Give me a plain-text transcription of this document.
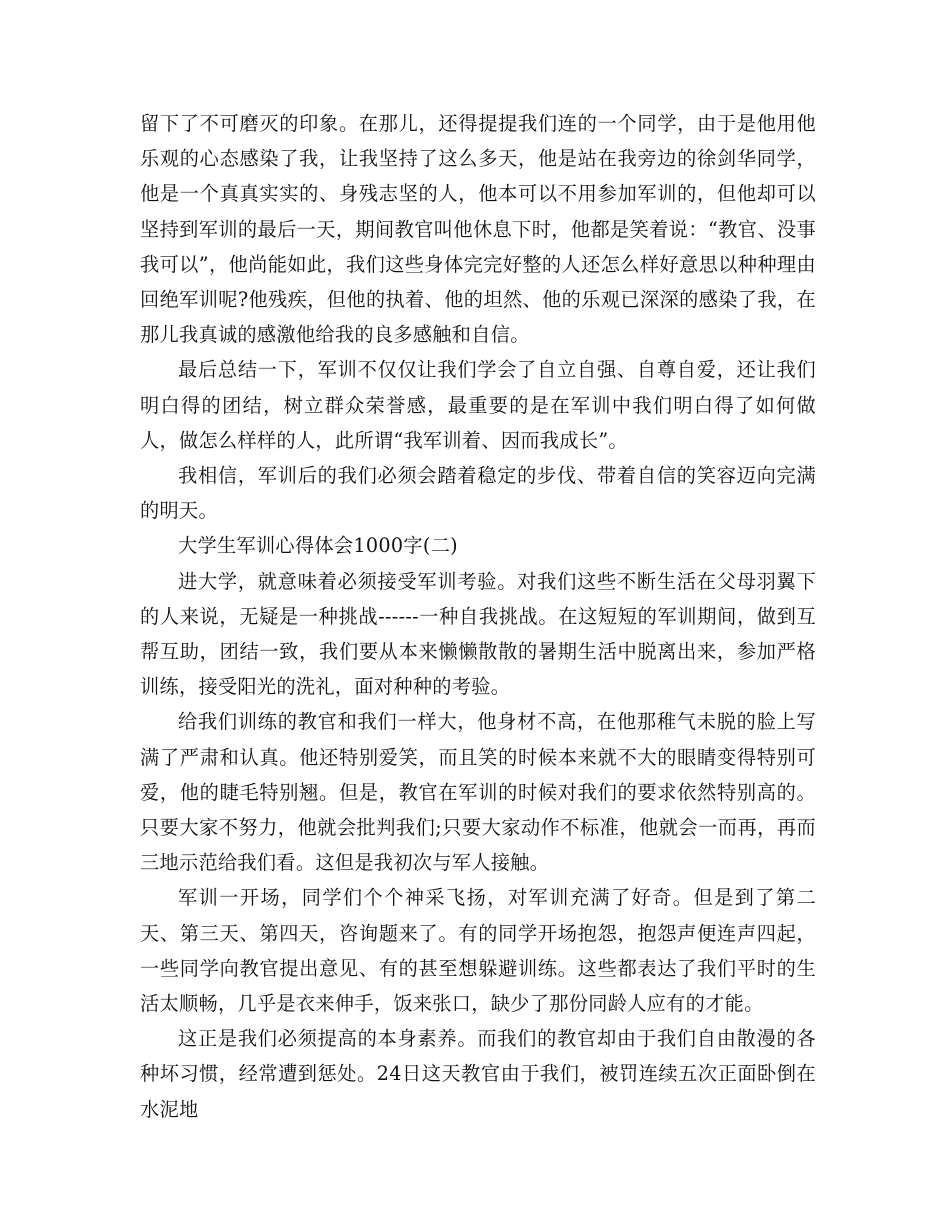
留下了不可磨灭的印象。在那儿，还得提提我们连的一个同学，由于是他用他乐观的心态感染了我，让我坚持了这么多天，他是站在我旁边的徐剑华同学，他是一个真真实实的、身残志坚的人，他本可以不用参加军训的，但他却可以坚持到军训的最后一天，期间教官叫他休息下时，他都是笑着说：“教官、没事我可以”，他尚能如此，我们这些身体完完好整的人还怎么样好意思以种种理由回绝军训呢?他残疾，但他的执着、他的坦然、他的乐观已深深的感染了我，在那儿我真诚的感激他给我的良多感触和自信。

最后总结一下，军训不仅仅让我们学会了自立自强、自尊自爱，还让我们明白得的团结，树立群众荣誉感，最重要的是在军训中我们明白得了如何做人，做怎么样样的人，此所谓“我军训着、因而我成长”。

我相信，军训后的我们必须会踏着稳定的步伐、带着自信的笑容迈向完满的明天。

大学生军训心得体会1000字(二)

进大学，就意味着必须接受军训考验。对我们这些不断生活在父母羽翼下的人来说，无疑是一种挑战------一种自我挑战。在这短短的军训期间，做到互帮互助，团结一致，我们要从本来懒懒散散的暑期生活中脱离出来，参加严格训练，接受阳光的洗礼，面对种种的考验。

给我们训练的教官和我们一样大，他身材不高，在他那稚气未脱的脸上写满了严肃和认真。他还特别爱笑，而且笑的时候本来就不大的眼睛变得特别可爱，他的睫毛特别翘。但是，教官在军训的时候对我们的要求依然特别高的。只要大家不努力，他就会批判我们;只要大家动作不标准，他就会一而再，再而三地示范给我们看。这但是我初次与军人接触。

军训一开场，同学们个个神采飞扬，对军训充满了好奇。但是到了第二天、第三天、第四天，咨询题来了。有的同学开场抱怨，抱怨声便连声四起，一些同学向教官提出意见、有的甚至想躲避训练。这些都表达了我们平时的生活太顺畅，几乎是衣来伸手，饭来张口，缺少了那份同龄人应有的才能。

这正是我们必须提高的本身素养。而我们的教官却由于我们自由散漫的各种坏习惯，经常遭到惩处。24日这天教官由于我们，被罚连续五次正面卧倒在水泥地
